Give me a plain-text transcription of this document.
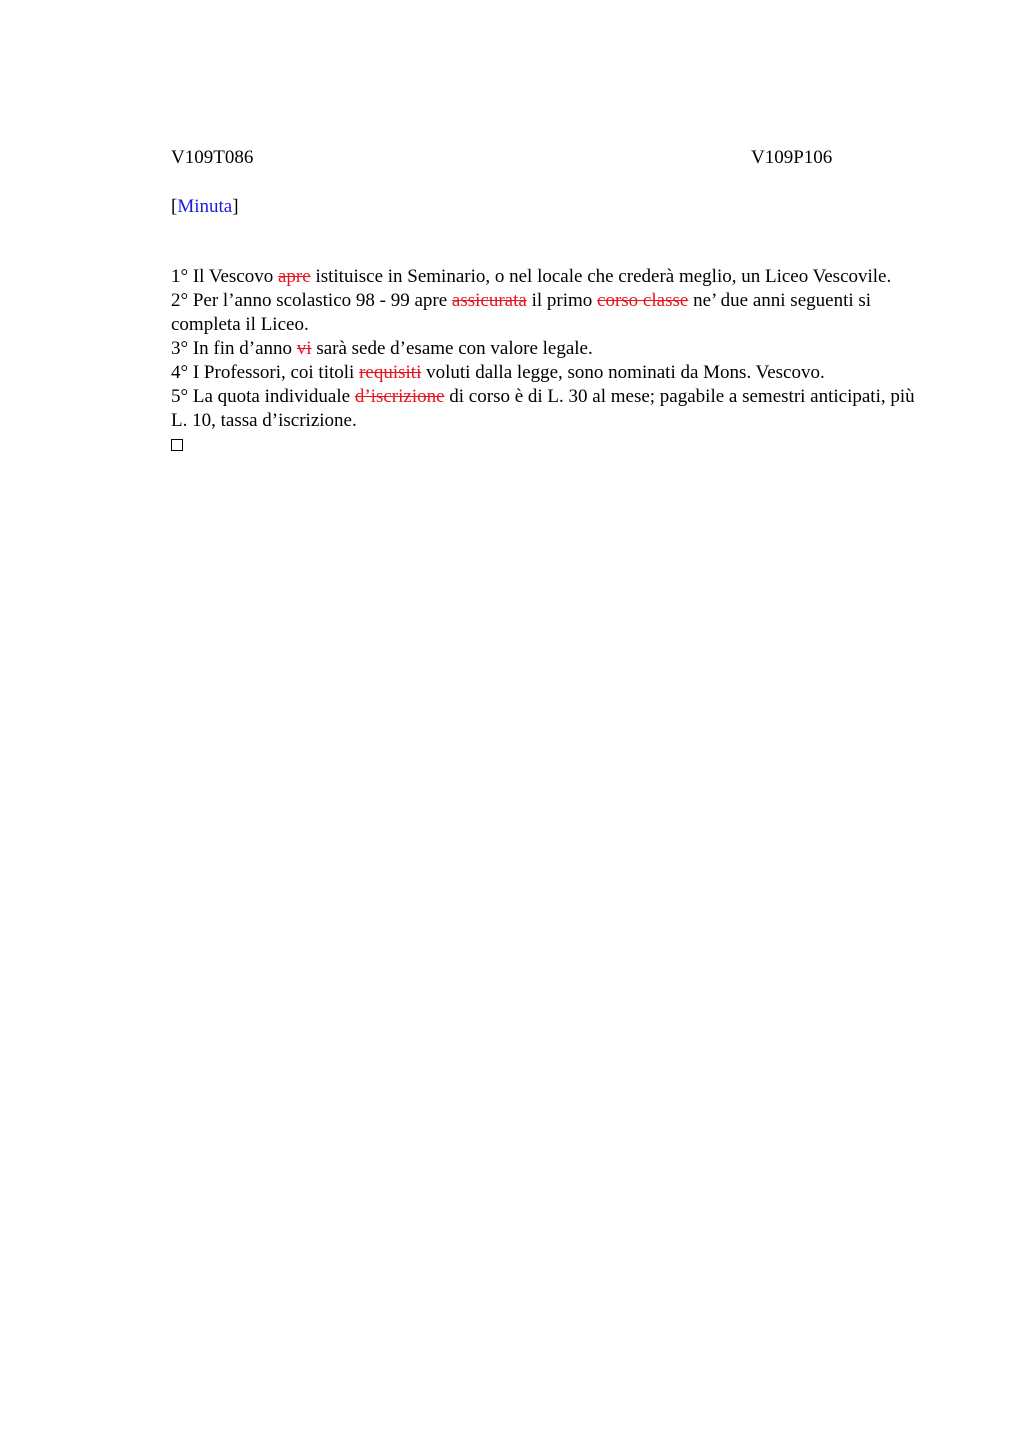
V109T086	V109P106
[Minuta]

1° Il Vescovo apre istituisce in Seminario, o nel locale che crederà meglio, un Liceo Vescovile.

2° Per l’anno scolastico 98 - 99 apre assicurata il primo corso classe ne’ due anni seguenti si completa il Liceo.

3° In fin d’anno vi sarà sede d’esame con valore legale.

4° I Professori, coi titoli requisiti voluti dalla legge, sono nominati da Mons. Vescovo.

5° La quota individuale d’iscrizione di corso è di L. 30 al mese; pagabile a semestri anticipati, più L. 10, tassa d’iscrizione.
